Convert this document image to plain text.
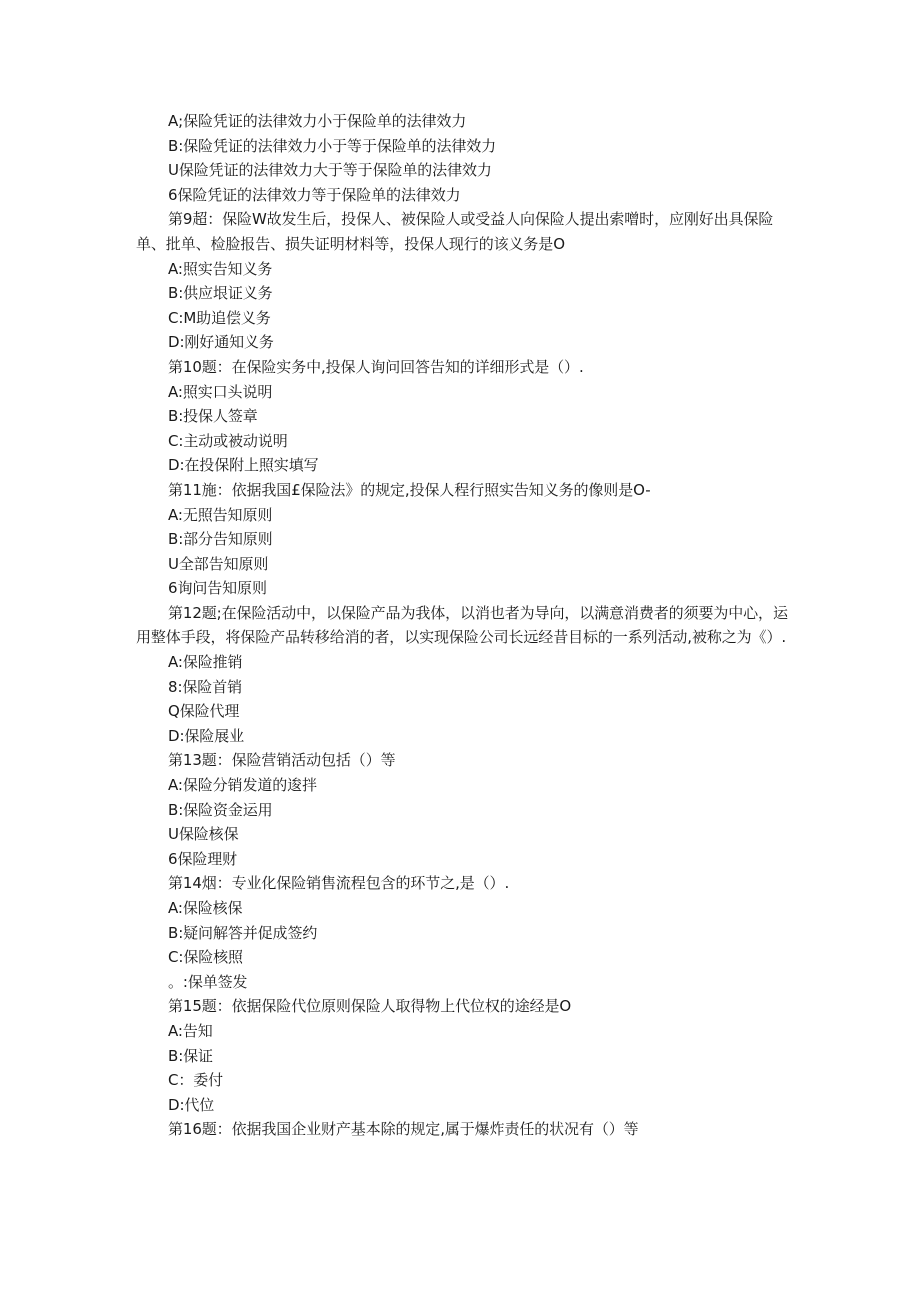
A;保险凭证的法律效力小于保险单的法律效力
B:保险凭证的法律效力小于等于保险单的法律效力
U保险凭证的法律效力大于等于保险单的法律效力
6保险凭证的法律效力等于保险单的法律效力
第9超：保险W故发生后，投保人、被保险人或受益人向保险人提出索噌时，应刚好出具保险单、批单、检脸报告、损失证明材料等，投保人现行的该义务是O
A:照实告知义务
B:供应垠证义务
C:M助追偿义务
D:刚好通知义务
第10题：在保险实务中,投保人询问回答告知的详细形式是（）.
A:照实口头说明
B:投保人签章
C:主动或被动说明
D:在投保附上照实填写
第11施：依据我国£保险法》的规定,投保人程行照实告知义务的像则是O-
A:无照告知原则
B:部分告知原则
U全部告知原则
6询问告知原则
第12题;在保险活动中，以保险产品为我体，以消也者为导向，以满意消费者的须要为中心，运用整体手段，将保险产品转移给消的者，以实现保险公司长远经昔目标的一系列活动,被称之为《）.
A:保险推销
8:保险首销
Q保险代理
D:保险展业
第13题：保险营销活动包括（）等
A:保险分销发道的逡拌
B:保险资金运用
U保险核保
6保险理财
第14烟：专业化保险销售流程包含的环节之,是（）.
A:保险核保
B:疑问解答并促成签约
C:保险核照
。:保单签发
第15题：依据保险代位原则保险人取得物上代位权的途经是O
A:告知
B:保证
C：委付
D:代位
第16题：依据我国企业财产基本除的规定,属于爆炸责任的状况有（）等
